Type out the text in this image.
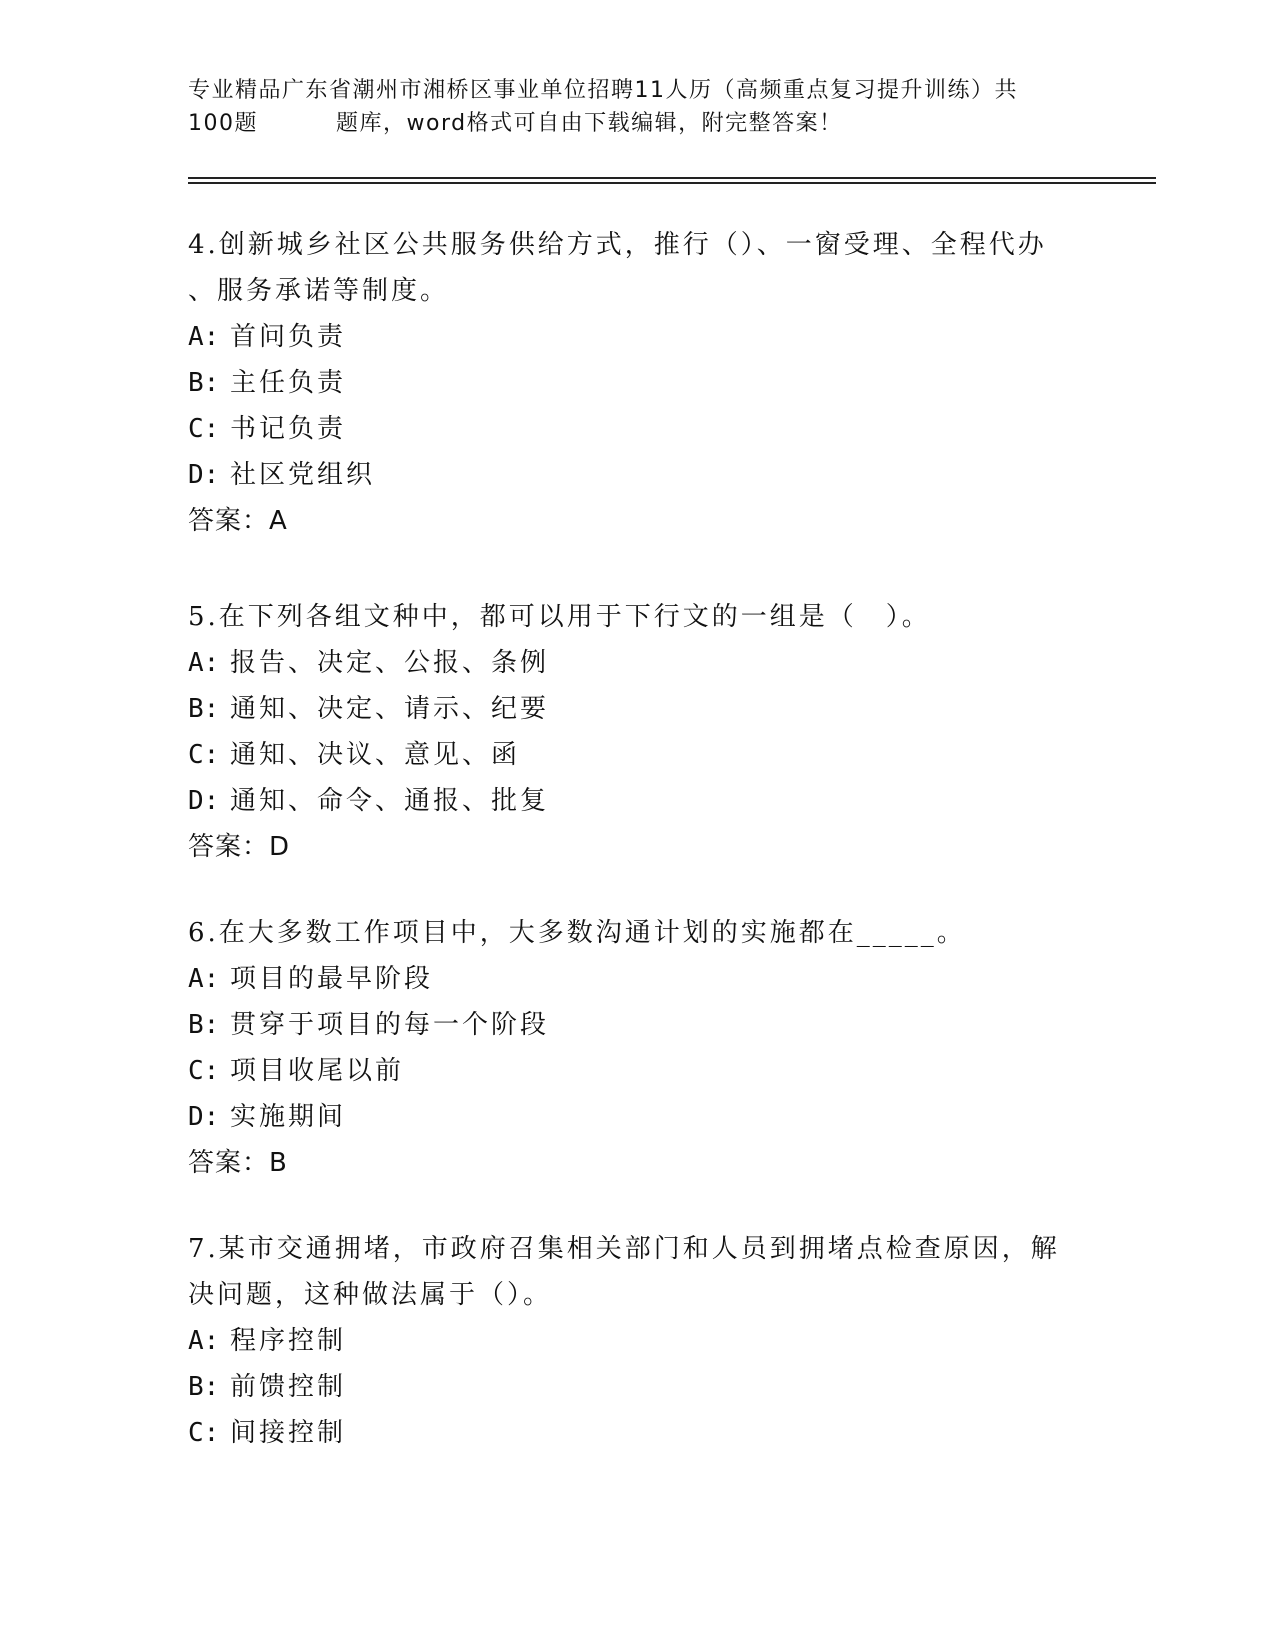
专业精品广东省潮州市湘桥区事业单位招聘11人历（高频重点复习提升训练）共
100题	题库，word格式可自由下载编辑，附完整答案！

4.创新城乡社区公共服务供给方式，推行（）、一窗受理、全程代办

、服务承诺等制度。

A: 首问负责

B: 主任负责

C: 书记负责

D: 社区党组织

答案：A

5.在下列各组文种中，都可以用于下行文的一组是（　）。

A: 报告、决定、公报、条例

B: 通知、决定、请示、纪要

C: 通知、决议、意见、函

D: 通知、命令、通报、批复

答案：D

6.在大多数工作项目中，大多数沟通计划的实施都在_____。

A: 项目的最早阶段

B: 贯穿于项目的每一个阶段

C: 项目收尾以前

D: 实施期间

答案：B

7.某市交通拥堵，市政府召集相关部门和人员到拥堵点检查原因，解

决问题，这种做法属于（）。

A: 程序控制

B: 前馈控制

C: 间接控制
